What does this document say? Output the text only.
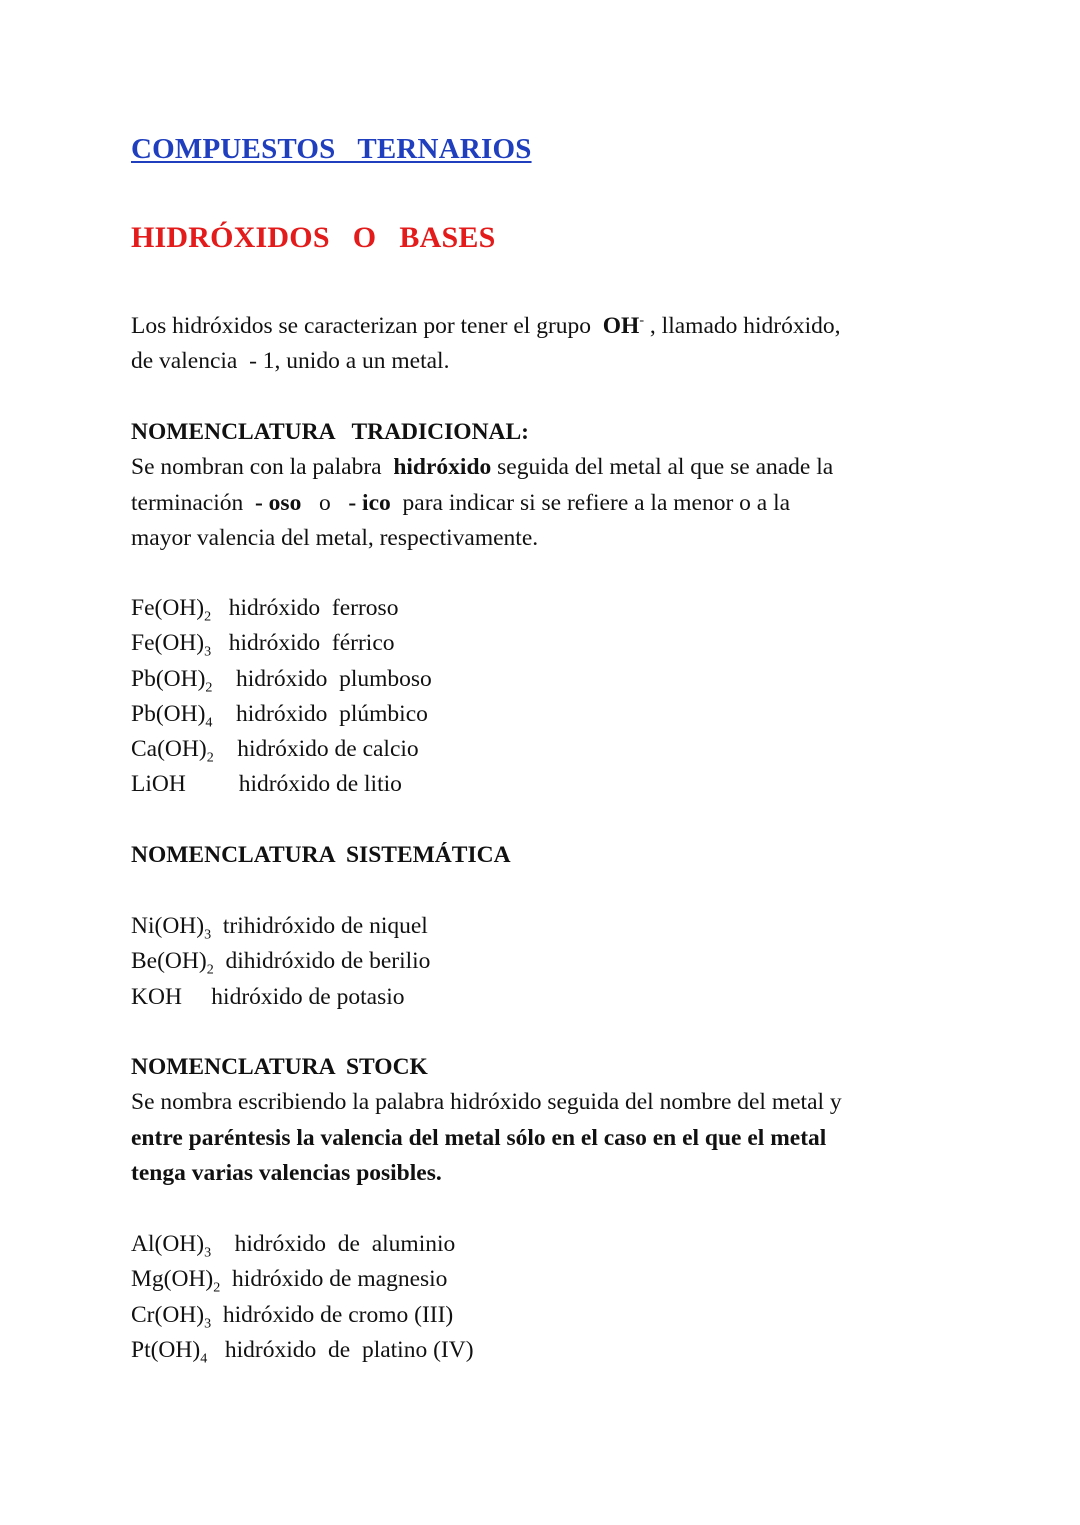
COMPUESTOS   TERNARIOS
HIDRÓXIDOS   O   BASES
Los hidróxidos se caracterizan por tener el grupo  OH- , llamado hidróxido,
de valencia  - 1, unido a un metal.
NOMENCLATURA   TRADICIONAL:
Se nombran con la palabra  hidróxido seguida del metal al que se anade la
terminación  - oso   o   - ico  para indicar si se refiere a la menor o a la
mayor valencia del metal, respectivamente.
$Fe(OH)_2$   hidróxido  ferroso
$Fe(OH)_3$   hidróxido  férrico
$Pb(OH)_2$    hidróxido  plumboso
$Pb(OH)_4$    hidróxido  plúmbico
$Ca(OH)_2$    hidróxido de calcio
LiOH         hidróxido de litio
NOMENCLATURA  SISTEMÁTICA
$Ni(OH)_3$  trihidróxido de niquel
$Be(OH)_2$  dihidróxido de berilio
KOH     hidróxido de potasio
NOMENCLATURA  STOCK
Se nombra escribiendo la palabra hidróxido seguida del nombre del metal y
entre paréntesis la valencia del metal sólo en el caso en el que el metal
tenga varias valencias posibles.
$Al(OH)_3$    hidróxido  de  aluminio
$Mg(OH)_2$  hidróxido de magnesio
$Cr(OH)_3$  hidróxido de cromo (III)
$Pt(OH)_4$   hidróxido  de  platino (IV)
